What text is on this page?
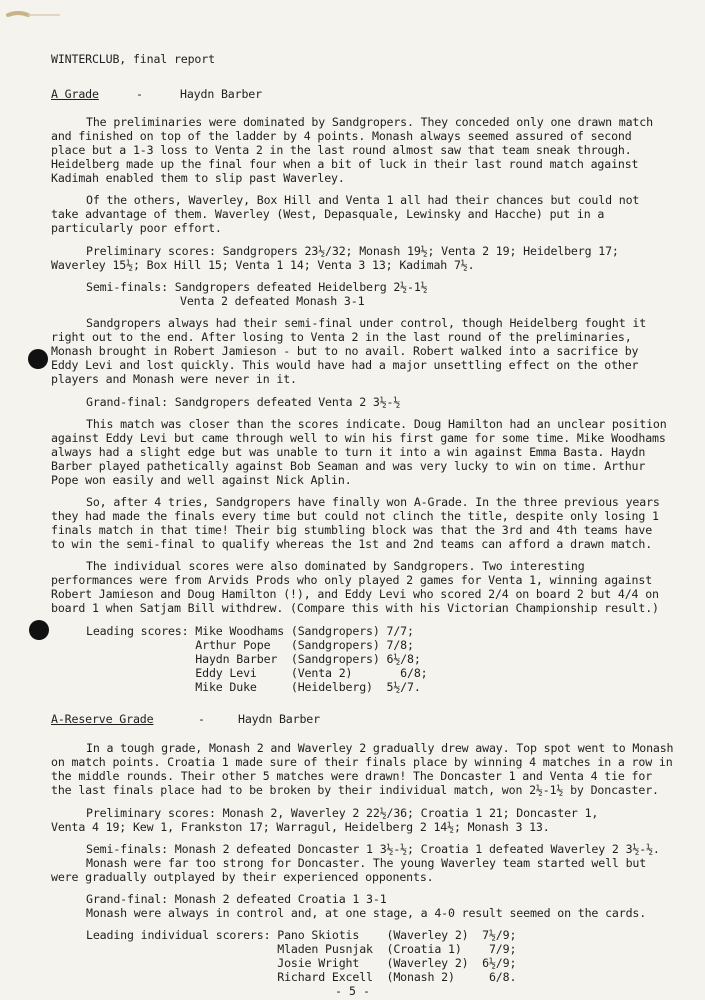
WINTERCLUB, final report
A Grade	-	Haydn Barber
The preliminaries were dominated by Sandgropers. They conceded only one drawn match
and finished on top of the ladder by 4 points. Monash always seemed assured of second
place but a 1-3 loss to Venta 2 in the last round almost saw that team sneak through.
Heidelberg made up the final four when a bit of luck in their last round match against
Kadimah enabled them to slip past Waverley.
Of the others, Waverley, Box Hill and Venta 1 all had their chances but could not
take advantage of them. Waverley (West, Depasquale, Lewinsky and Hacche) put in a
particularly poor effort.
Preliminary scores: Sandgropers 23½/32; Monash 19½; Venta 2 19; Heidelberg 17;
Waverley 15½; Box Hill 15; Venta 1 14; Venta 3 13; Kadimah 7½.
Semi-finals: Sandgropers defeated Heidelberg 2½-1½
Venta 2 defeated Monash 3-1
Sandgropers always had their semi-final under control, though Heidelberg fought it
right out to the end. After losing to Venta 2 in the last round of the preliminaries,
Monash brought in Robert Jamieson - but to no avail. Robert walked into a sacrifice by
Eddy Levi and lost quickly. This would have had a major unsettling effect on the other
players and Monash were never in it.
Grand-final: Sandgropers defeated Venta 2 3½-½
This match was closer than the scores indicate. Doug Hamilton had an unclear position
against Eddy Levi but came through well to win his first game for some time. Mike Woodhams
always had a slight edge but was unable to turn it into a win against Emma Basta. Haydn
Barber played pathetically against Bob Seaman and was very lucky to win on time. Arthur
Pope won easily and well against Nick Aplin.
So, after 4 tries, Sandgropers have finally won A-Grade. In the three previous years
they had made the finals every time but could not clinch the title, despite only losing 1
finals match in that time! Their big stumbling block was that the 3rd and 4th teams have
to win the semi-final to qualify whereas the 1st and 2nd teams can afford a drawn match.
The individual scores were also dominated by Sandgropers. Two interesting
performances were from Arvids Prods who only played 2 games for Venta 1, winning against
Robert Jamieson and Doug Hamilton (!), and Eddy Levi who scored 2/4 on board 2 but 4/4 on
board 1 when Satjam Bill withdrew. (Compare this with his Victorian Championship result.)
Leading scores: Mike Woodhams (Sandgropers) 7/7;
Arthur Pope   (Sandgropers) 7/8;
Haydn Barber  (Sandgropers) 6½/8;
Eddy Levi     (Venta 2)       6/8;
Mike Duke     (Heidelberg)  5½/7.
A-Reserve Grade	-	Haydn Barber
In a tough grade, Monash 2 and Waverley 2 gradually drew away. Top spot went to Monash
on match points. Croatia 1 made sure of their finals place by winning 4 matches in a row in
the middle rounds. Their other 5 matches were drawn! The Doncaster 1 and Venta 4 tie for
the last finals place had to be broken by their individual match, won 2½-1½ by Doncaster.
Preliminary scores: Monash 2, Waverley 2 22½/36; Croatia 1 21; Doncaster 1,
Venta 4 19; Kew 1, Frankston 17; Warragul, Heidelberg 2 14½; Monash 3 13.
Semi-finals: Monash 2 defeated Doncaster 1 3½-½; Croatia 1 defeated Waverley 2 3½-½.
Monash were far too strong for Doncaster. The young Waverley team started well but
were gradually outplayed by their experienced opponents.
Grand-final: Monash 2 defeated Croatia 1 3-1
Monash were always in control and, at one stage, a 4-0 result seemed on the cards.
Leading individual scorers: Pano Skiotis    (Waverley 2)  7½/9;
Mladen Pusnjak  (Croatia 1)    7/9;
Josie Wright    (Waverley 2)  6½/9;
Richard Excell  (Monash 2)     6/8.
- 5 -
